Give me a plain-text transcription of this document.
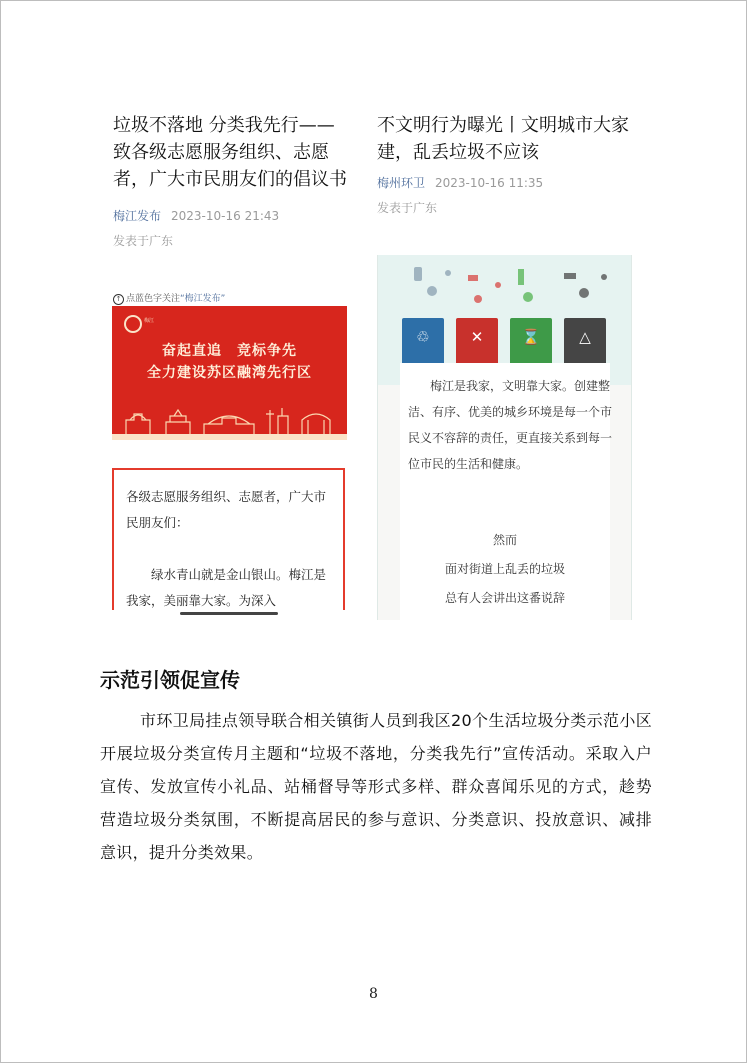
垃圾不落地 分类我先行——致各级志愿服务组织、志愿者，广大市民朋友们的倡议书
梅江发布 2023-10-16 21:43
发表于广东
↑ 点蓝色字关注“梅江发布”
梅江
奋起直追　竞标争先
全力建设苏区融湾先行区

各级志愿服务组织、志愿者，广大市民朋友们：

绿水青山就是金山银山。梅江是我家，美丽靠大家。为深入

不文明行为曝光丨文明城市大家建，乱丢垃圾不应该
梅州环卫 2023-10-16 11:35
发表于广东
♲	✕	⌛	△
梅江是我家，文明靠大家。创建整洁、有序、优美的城乡环境是每一个市民义不容辞的责任，更直接关系到每一位市民的生活和健康。
然而
面对街道上乱丢的垃圾
总有人会讲出这番说辞
示范引领促宣传

市环卫局挂点领导联合相关镇街人员到我区20个生活垃圾分类示范小区开展垃圾分类宣传月主题和“垃圾不落地，分类我先行”宣传活动。采取入户宣传、发放宣传小礼品、站桶督导等形式多样、群众喜闻乐见的方式，趁势营造垃圾分类氛围，不断提高居民的参与意识、分类意识、投放意识、减排意识，提升分类效果。

8
